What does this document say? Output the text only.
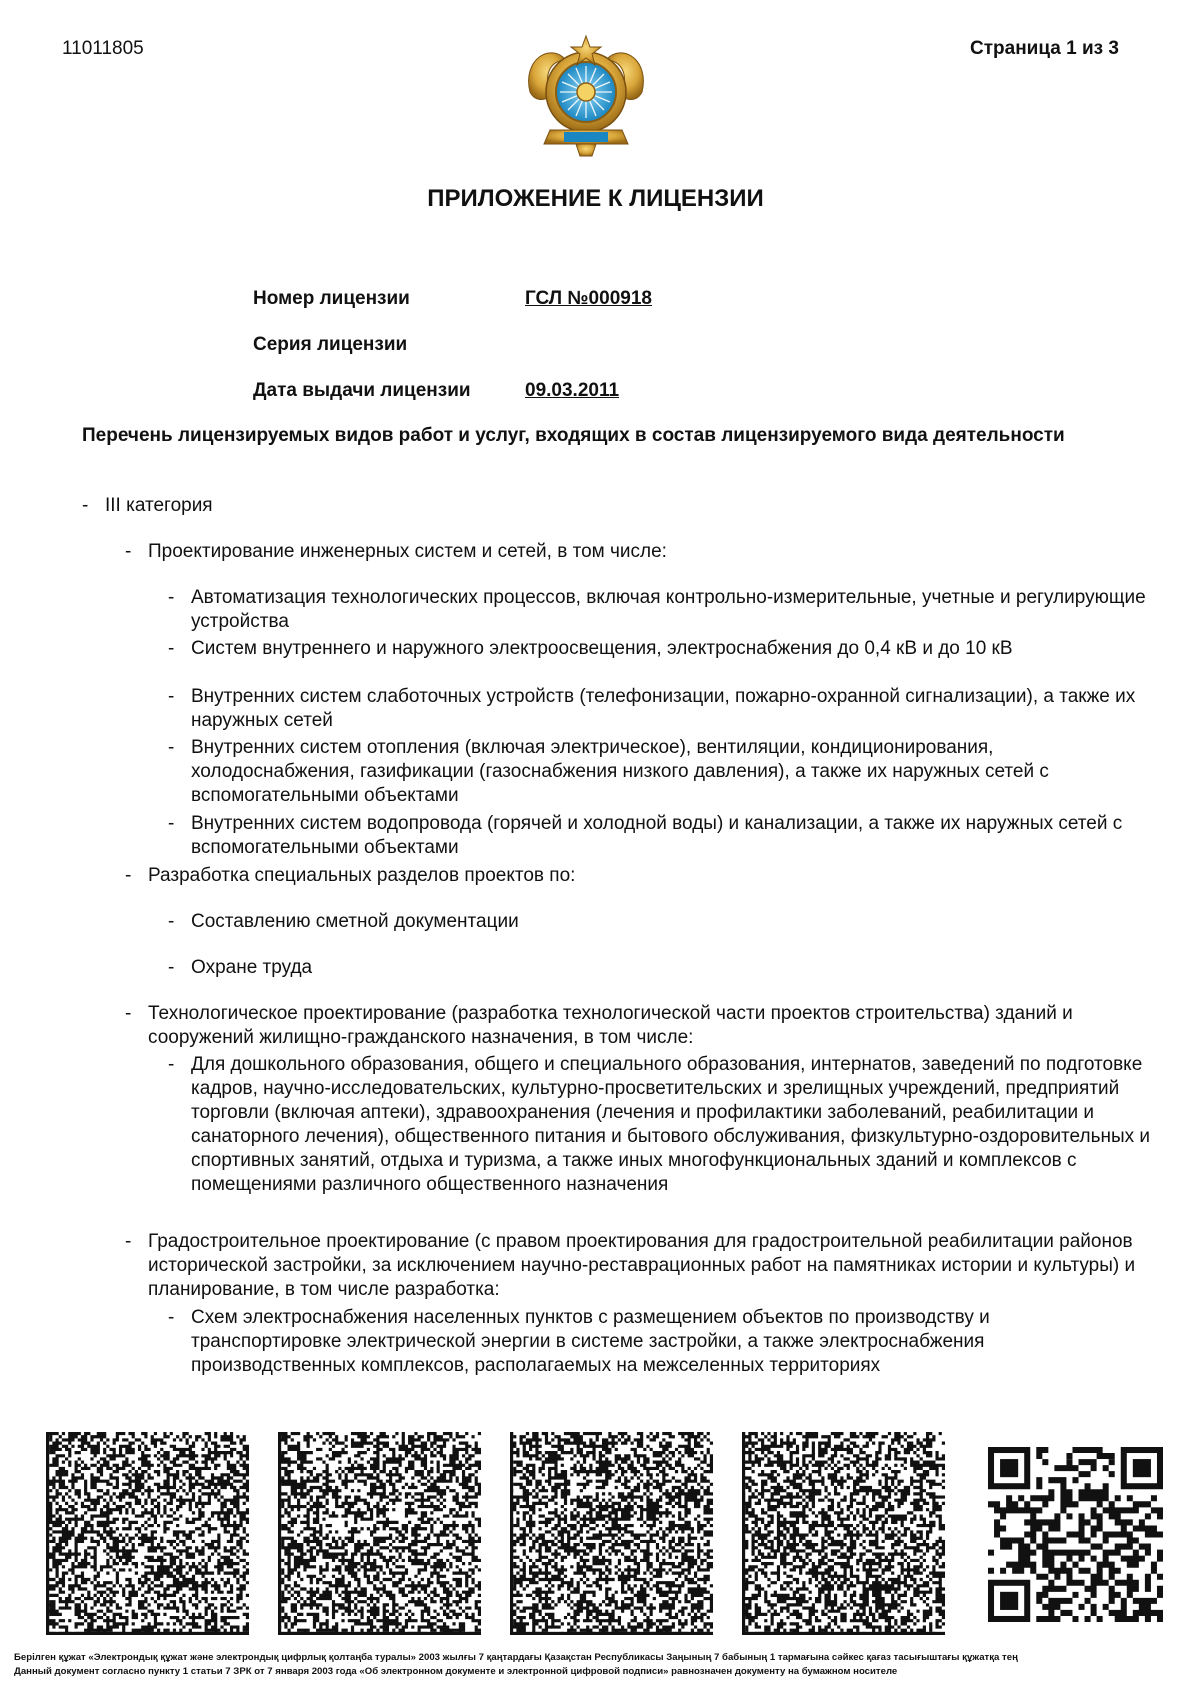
11011805	Страница 1 из 3
ПРИЛОЖЕНИЕ К ЛИЦЕНЗИИ
Номер лицензии	ГСЛ №000918
Серия лицензии
Дата выдачи лицензии	09.03.2011
Перечень лицензируемых видов работ и услуг, входящих в состав лицензируемого вида деятельности
- III категория
- Проектирование инженерных систем и сетей, в том числе:
- Автоматизация технологических процессов, включая контрольно-измерительные, учетные и регулирующие устройства
- Систем внутреннего и наружного электроосвещения, электроснабжения до 0,4 кВ и до 10 кВ
- Внутренних систем слаботочных устройств (телефонизации, пожарно-охранной сигнализации), а также их наружных сетей
- Внутренних систем отопления (включая электрическое), вентиляции, кондиционирования, холодоснабжения, газификации (газоснабжения низкого давления), а также их наружных сетей с вспомогательными объектами
- Внутренних систем водопровода (горячей и холодной воды) и канализации, а также их наружных сетей с вспомогательными объектами
- Разработка специальных разделов проектов по:
- Составлению сметной документации
- Охране труда
- Технологическое проектирование (разработка технологической части проектов строительства) зданий и сооружений жилищно-гражданского назначения, в том числе:
- Для дошкольного образования, общего и специального образования, интернатов, заведений по подготовке кадров, научно-исследовательских, культурно-просветительских и зрелищных учреждений, предприятий торговли (включая аптеки), здравоохранения (лечения и профилактики заболеваний, реабилитации и санаторного лечения), общественного питания и бытового обслуживания, физкультурно-оздоровительных и спортивных занятий, отдыха и туризма, а также иных многофункциональных зданий и комплексов с помещениями различного общественного назначения
- Градостроительное проектирование (с правом проектирования для градостроительной реабилитации районов исторической застройки, за исключением научно-реставрационных работ на памятниках истории и культуры) и планирование, в том числе разработка:
- Схем электроснабжения населенных пунктов с размещением объектов по производству и транспортировке электрической энергии в системе застройки, а также электроснабжения производственных комплексов, располагаемых на межселенных территориях
Берілген құжат «Электрондық құжат және электрондық цифрлық қолтаңба туралы» 2003 жылғы 7 қаңтардағы Қазақстан Республикасы Заңының 7 бабының 1 тармағына сәйкес қағаз тасығыштағы құжатқа тең
Данный документ согласно пункту 1 статьи 7 ЗРК от 7 января 2003 года «Об электронном документе и электронной цифровой подписи» равнозначен документу на бумажном носителе
